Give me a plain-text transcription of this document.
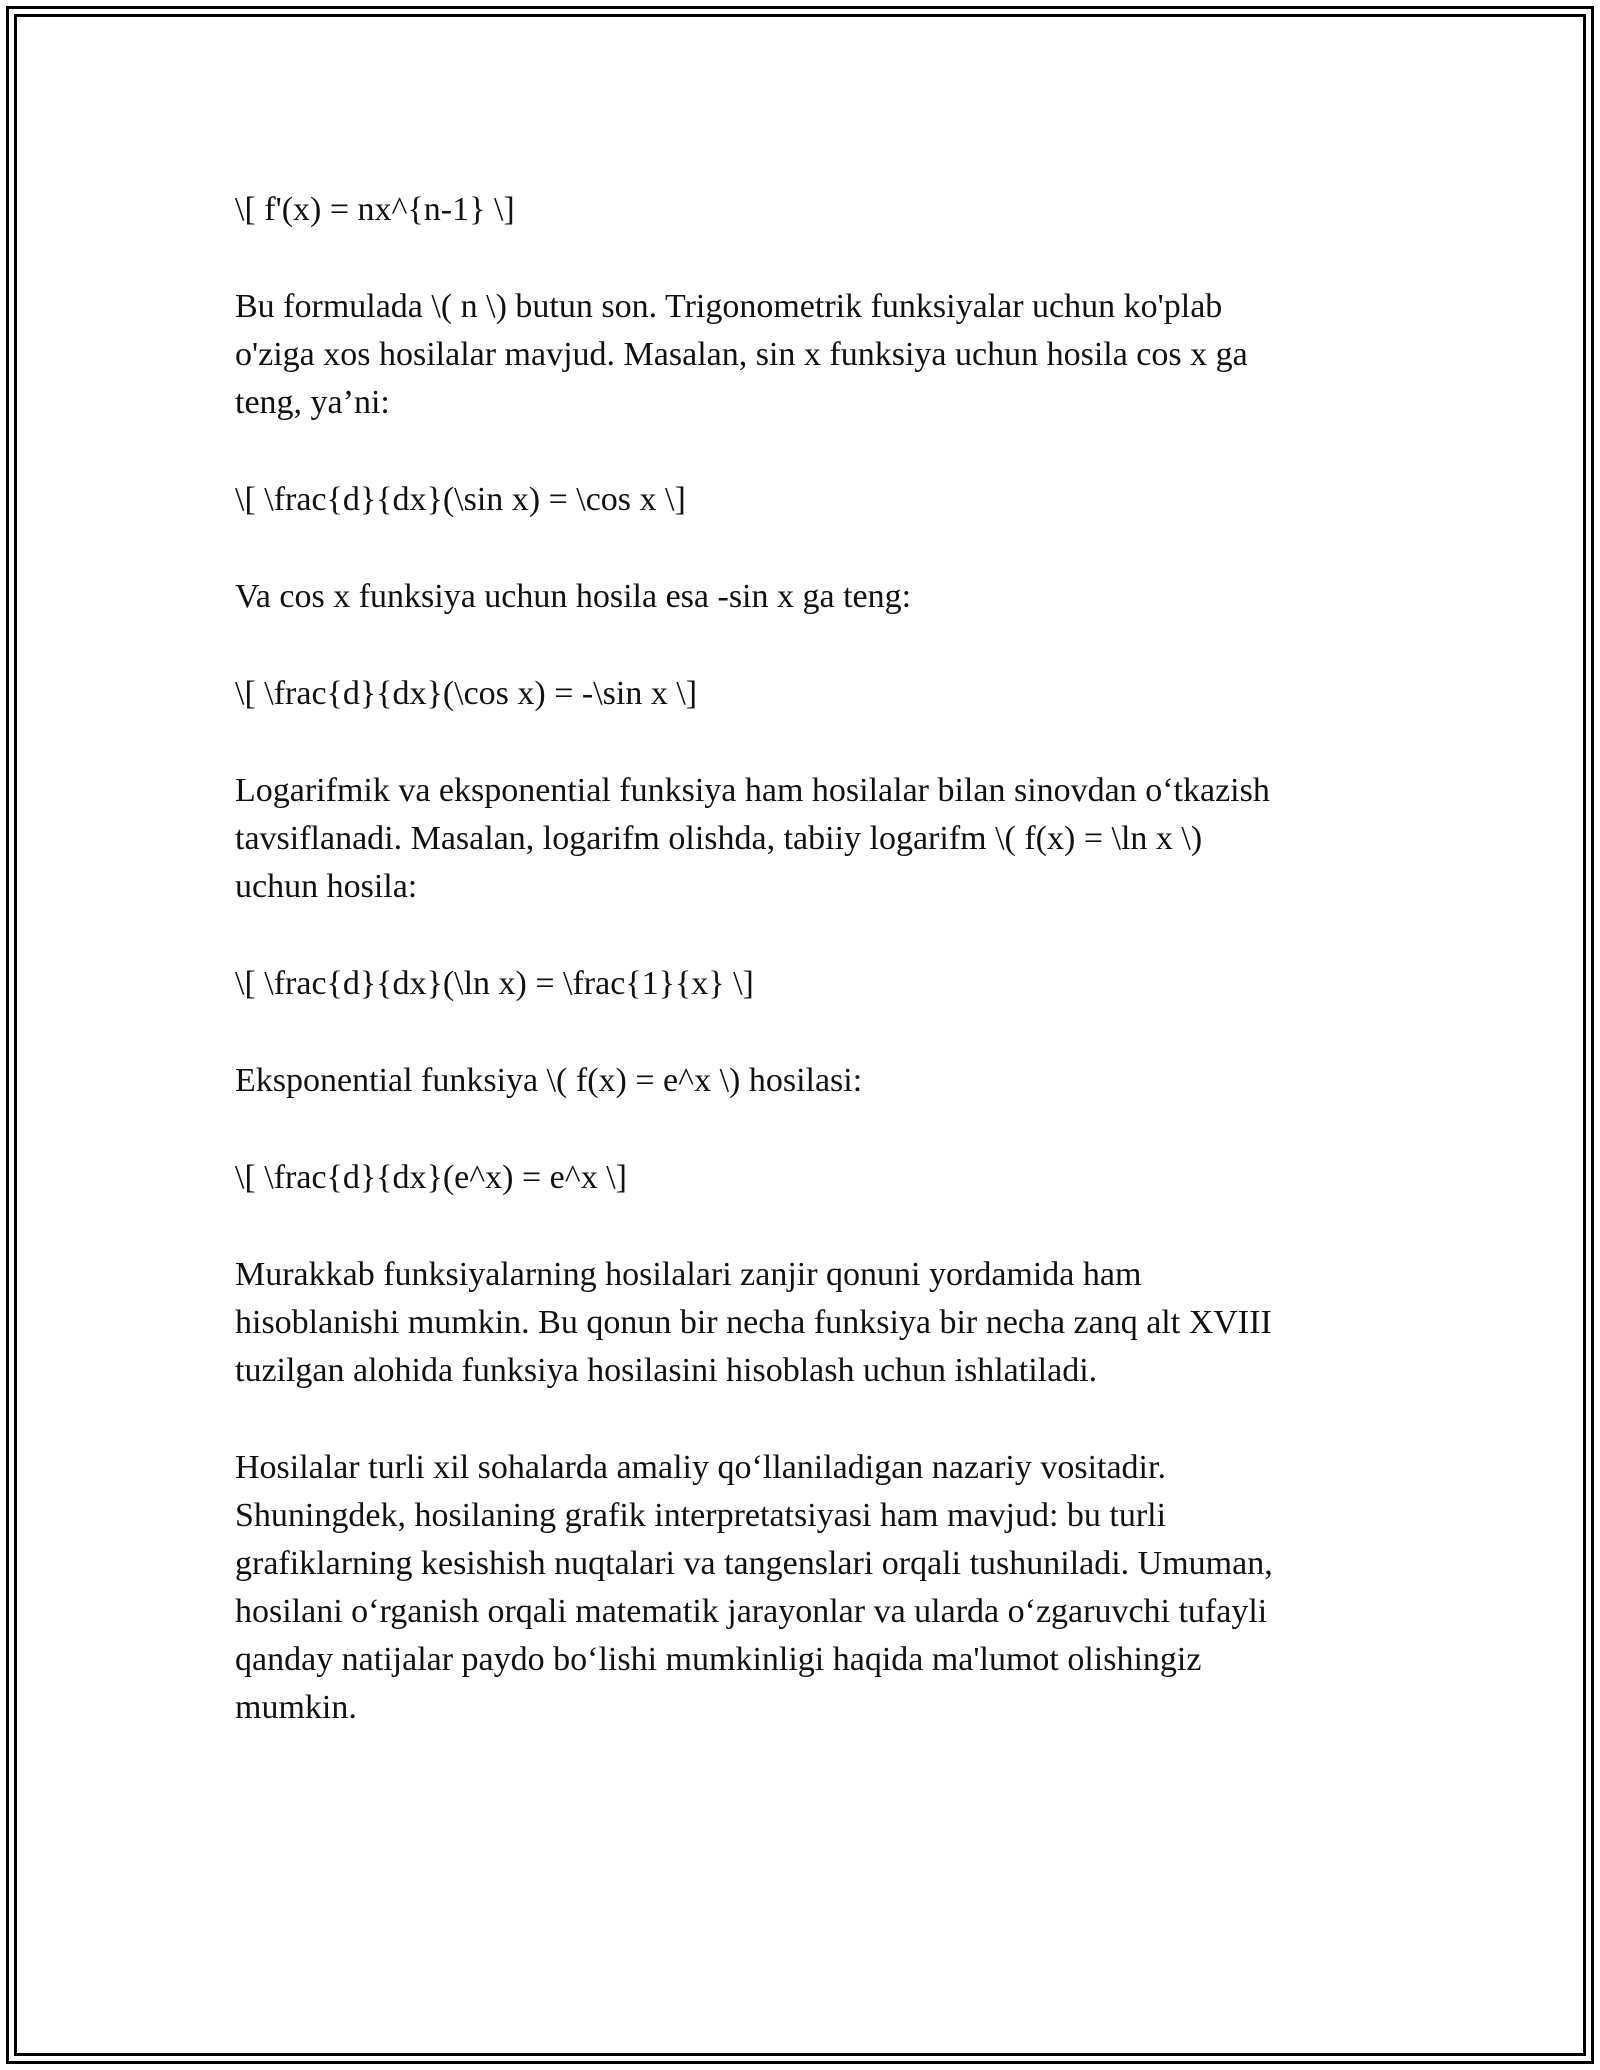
\[ f'(x) = nx^{n-1} \]

Bu formulada \( n \) butun son. Trigonometrik funksiyalar uchun ko'plab
o'ziga xos hosilalar mavjud. Masalan, sin x funksiya uchun hosila cos x ga
teng, ya’ni:

\[ \frac{d}{dx}(\sin x) = \cos x \]

Va cos x funksiya uchun hosila esa -sin x ga teng:

\[ \frac{d}{dx}(\cos x) = -\sin x \]

Logarifmik va eksponential funksiya ham hosilalar bilan sinovdan o‘tkazish
tavsiflanadi. Masalan, logarifm olishda, tabiiy logarifm \( f(x) = \ln x \)
uchun hosila:

\[ \frac{d}{dx}(\ln x) = \frac{1}{x} \]

Eksponential funksiya \( f(x) = e^x \) hosilasi:

\[ \frac{d}{dx}(e^x) = e^x \]

Murakkab funksiyalarning hosilalari zanjir qonuni yordamida ham
hisoblanishi mumkin. Bu qonun bir necha funksiya bir necha zanq alt XVIII
tuzilgan alohida funksiya hosilasini hisoblash uchun ishlatiladi.

Hosilalar turli xil sohalarda amaliy qo‘llaniladigan nazariy vositadir.
Shuningdek, hosilaning grafik interpretatsiyasi ham mavjud: bu turli
grafiklarning kesishish nuqtalari va tangenslari orqali tushuniladi. Umuman,
hosilani o‘rganish orqali matematik jarayonlar va ularda o‘zgaruvchi tufayli
qanday natijalar paydo bo‘lishi mumkinligi haqida ma'lumot olishingiz
mumkin.
